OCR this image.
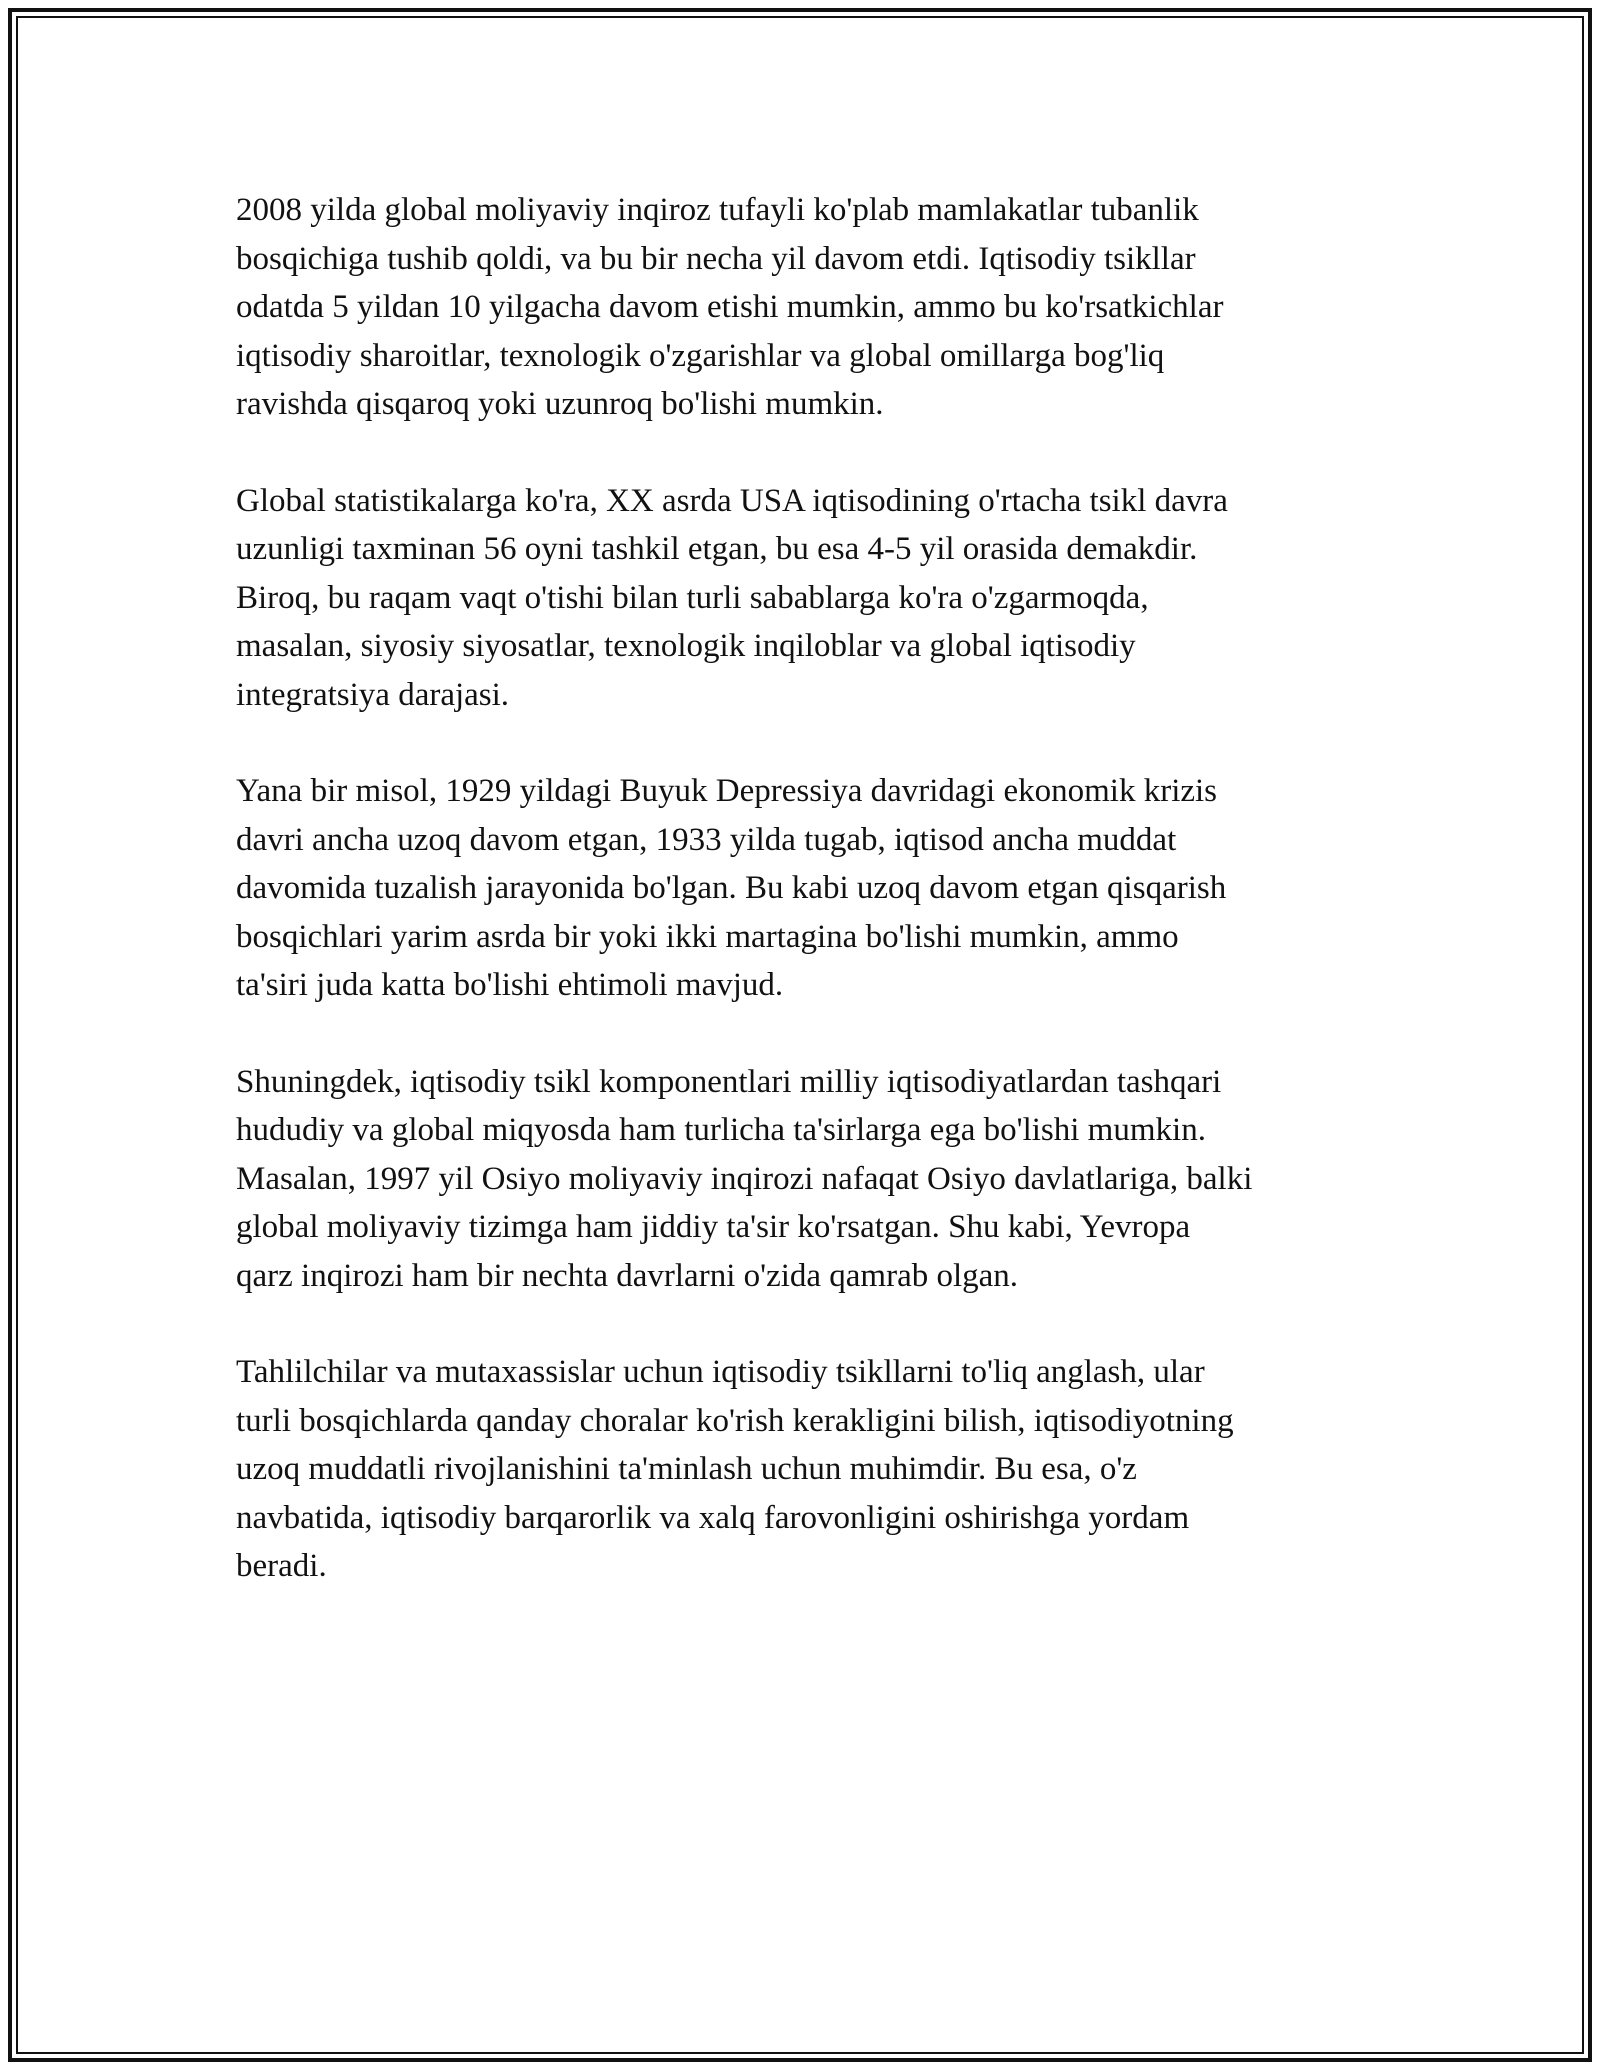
2008 yilda global moliyaviy inqiroz tufayli ko'plab mamlakatlar tubanlik
bosqichiga tushib qoldi, va bu bir necha yil davom etdi. Iqtisodiy tsikllar
odatda 5 yildan 10 yilgacha davom etishi mumkin, ammo bu ko'rsatkichlar
iqtisodiy sharoitlar, texnologik o'zgarishlar va global omillarga bog'liq
ravishda qisqaroq yoki uzunroq bo'lishi mumkin.

Global statistikalarga ko'ra, XX asrda USA iqtisodining o'rtacha tsikl davra
uzunligi taxminan 56 oyni tashkil etgan, bu esa 4-5 yil orasida demakdir.
Biroq, bu raqam vaqt o'tishi bilan turli sabablarga ko'ra o'zgarmoqda,
masalan, siyosiy siyosatlar, texnologik inqiloblar va global iqtisodiy
integratsiya darajasi.

Yana bir misol, 1929 yildagi Buyuk Depressiya davridagi ekonomik krizis
davri ancha uzoq davom etgan, 1933 yilda tugab, iqtisod ancha muddat
davomida tuzalish jarayonida bo'lgan. Bu kabi uzoq davom etgan qisqarish
bosqichlari yarim asrda bir yoki ikki martagina bo'lishi mumkin, ammo
ta'siri juda katta bo'lishi ehtimoli mavjud.

Shuningdek, iqtisodiy tsikl komponentlari milliy iqtisodiyatlardan tashqari
hududiy va global miqyosda ham turlicha ta'sirlarga ega bo'lishi mumkin.
Masalan, 1997 yil Osiyo moliyaviy inqirozi nafaqat Osiyo davlatlariga, balki
global moliyaviy tizimga ham jiddiy ta'sir ko'rsatgan. Shu kabi, Yevropa
qarz inqirozi ham bir nechta davrlarni o'zida qamrab olgan.

Tahlilchilar va mutaxassislar uchun iqtisodiy tsikllarni to'liq anglash, ular
turli bosqichlarda qanday choralar ko'rish kerakligini bilish, iqtisodiyotning
uzoq muddatli rivojlanishini ta'minlash uchun muhimdir. Bu esa, o'z
navbatida, iqtisodiy barqarorlik va xalq farovonligini oshirishga yordam
beradi.
